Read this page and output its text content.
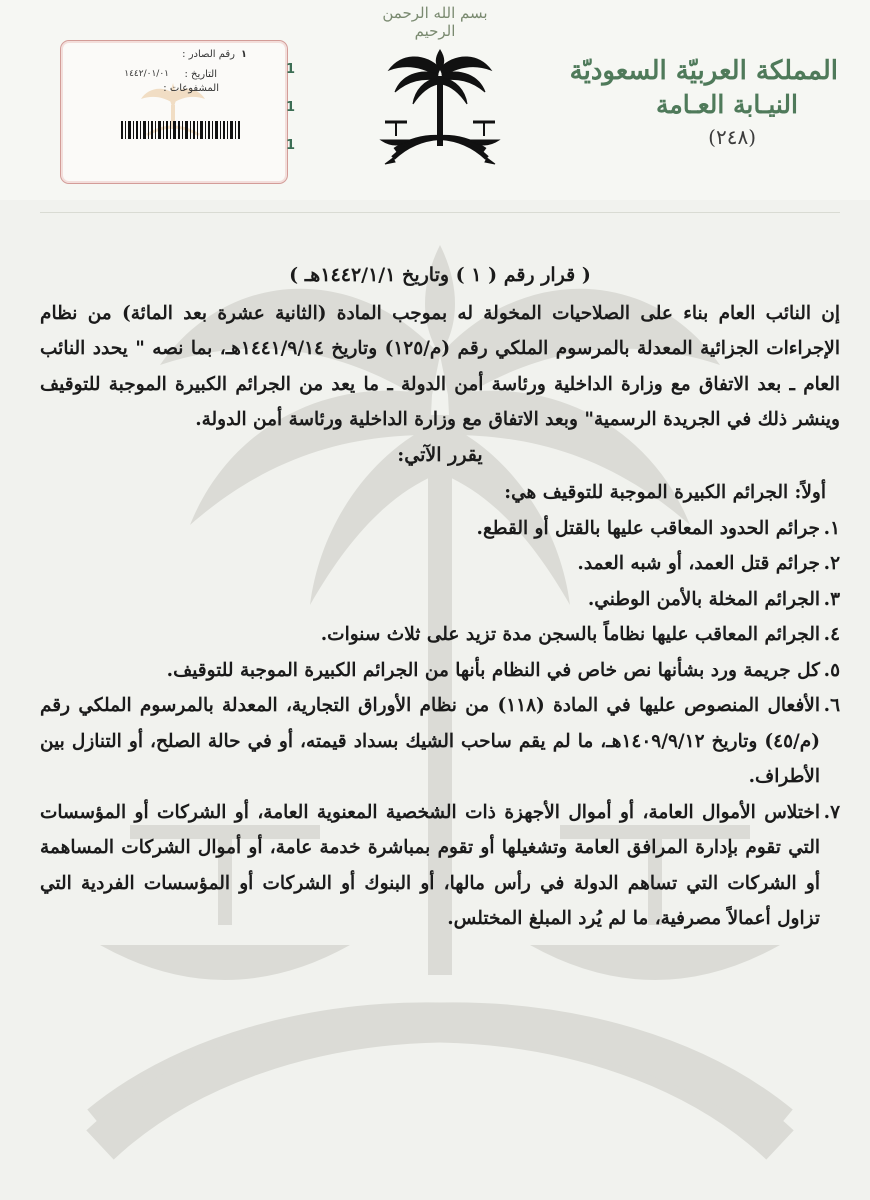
بسم الله الرحمن الرحيم
رقم الصادر : ١
التاريخ :
١٤٤٢/٠١/٠١
المشفوعات :
1
1
1
المملكة العربيّة السعوديّة
النيـابة العـامة
(٢٤٨)
( قرار رقم ( ١ ) وتاريخ ١٤٤٢/١/١هـ )

إن النائب العام بناء على الصلاحيات المخولة له بموجب المادة (الثانية عشرة بعد المائة) من نظام الإجراءات الجزائية المعدلة بالمرسوم الملكي رقم (م/١٢٥) وتاريخ ١٤٤١/٩/١٤هـ، بما نصه " يحدد النائب العام ـ بعد الاتفاق مع وزارة الداخلية ورئاسة أمن الدولة ـ ما يعد من الجرائم الكبيرة الموجبة للتوقيف وينشر ذلك في الجريدة الرسمية" وبعد الاتفاق مع وزارة الداخلية ورئاسة أمن الدولة.

يقرر الآتي:
أولاً: الجرائم الكبيرة الموجبة للتوقيف هي:
١.
جرائم الحدود المعاقب عليها بالقتل أو القطع.
٢.
جرائم قتل العمد، أو شبه العمد.
٣.
الجرائم المخلة بالأمن الوطني.
٤.
الجرائم المعاقب عليها نظاماً بالسجن مدة تزيد على ثلاث سنوات.
٥.
كل جريمة ورد بشأنها نص خاص في النظام بأنها من الجرائم الكبيرة الموجبة للتوقيف.
٦.
الأفعال المنصوص عليها في المادة (١١٨) من نظام الأوراق التجارية، المعدلة بالمرسوم الملكي رقم (م/٤٥) وتاريخ ١٤٠٩/٩/١٢هـ، ما لم يقم ساحب الشيك بسداد قيمته، أو في حالة الصلح، أو التنازل بين الأطراف.
٧.
اختلاس الأموال العامة، أو أموال الأجهزة ذات الشخصية المعنوية العامة، أو الشركات أو المؤسسات التي تقوم بإدارة المرافق العامة وتشغيلها أو تقوم بمباشرة خدمة عامة، أو أموال الشركات المساهمة أو الشركات التي تساهم الدولة في رأس مالها، أو البنوك أو الشركات أو المؤسسات الفردية التي تزاول أعمالاً مصرفية، ما لم يُرد المبلغ المختلس.
